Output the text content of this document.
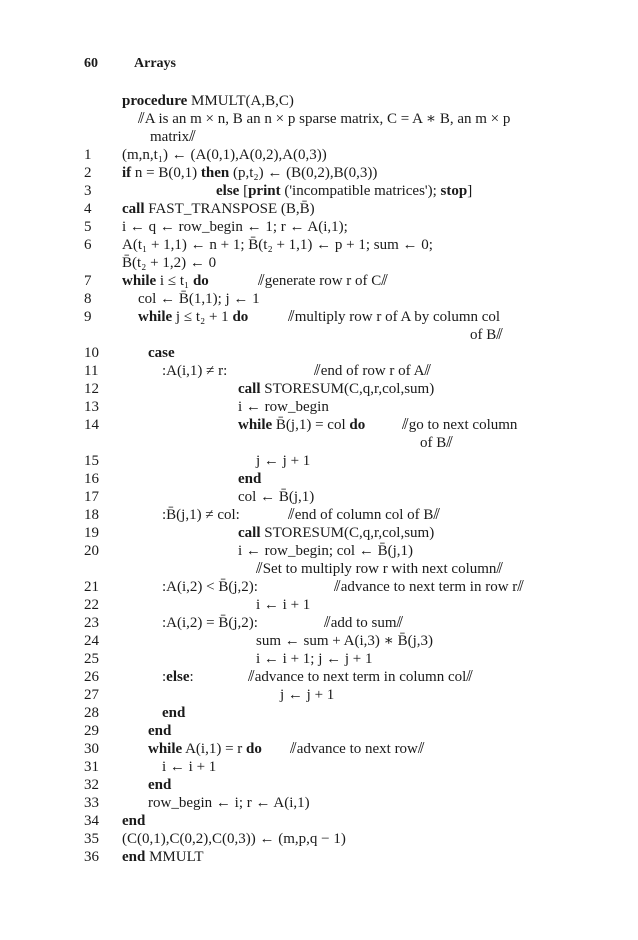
60	Arrays
procedure MMULT(A,B,C)
⫽A is an m × n, B an n × p sparse matrix, C = A ∗ B, an m × p
matrix⫽
1	(m,n,t₁) ← (A(0,1),A(0,2),A(0,3))
2	if n = B(0,1) then (p,t₂) ← (B(0,2),B(0,3))
3	else [print ('incompatible matrices'); stop]
4	call FAST_TRANSPOSE (B,B̄)
5	i ← q ← row_begin ← 1; r ← A(i,1);
6	A(t₁ + 1,1) ← n + 1; B̄(t₂ + 1,1) ← p + 1; sum ← 0;
B̄(t₂ + 1,2) ← 0
7	while i ≤ t₁ do	⫽generate row r of C⫽
8	col ← B̄(1,1); j ← 1
9	while j ≤ t₂ + 1 do	⫽multiply row r of A by column col
of B⫽
10	case
11	:A(i,1) ≠ r:	⫽end of row r of A⫽
12	call STORESUM(C,q,r,col,sum)
13	i ← row_begin
14	while B̄(j,1) = col do ⫽go to next column
of B⫽
15	j ← j + 1
16	end
17	col ← B̄(j,1)
18	:B̄(j,1) ≠ col:	⫽end of column col of B⫽
19	call STORESUM(C,q,r,col,sum)
20	i ← row_begin; col ← B̄(j,1)
⫽Set to multiply row r with next column⫽
21	:A(i,2) < B̄(j,2):	⫽advance to next term in row r⫽
22	i ← i + 1
23	:A(i,2) = B̄(j,2):	⫽add to sum⫽
24	sum ← sum + A(i,3) ∗ B̄(j,3)
25	i ← i + 1; j ← j + 1
26	:else:	⫽advance to next term in column col⫽
27	j ← j + 1
28	end
29	end
30	while A(i,1) = r do ⫽advance to next row⫽
31	i ← i + 1
32	end
33	row_begin ← i; r ← A(i,1)
34	end
35	(C(0,1),C(0,2),C(0,3)) ← (m,p,q − 1)
36	end MMULT
